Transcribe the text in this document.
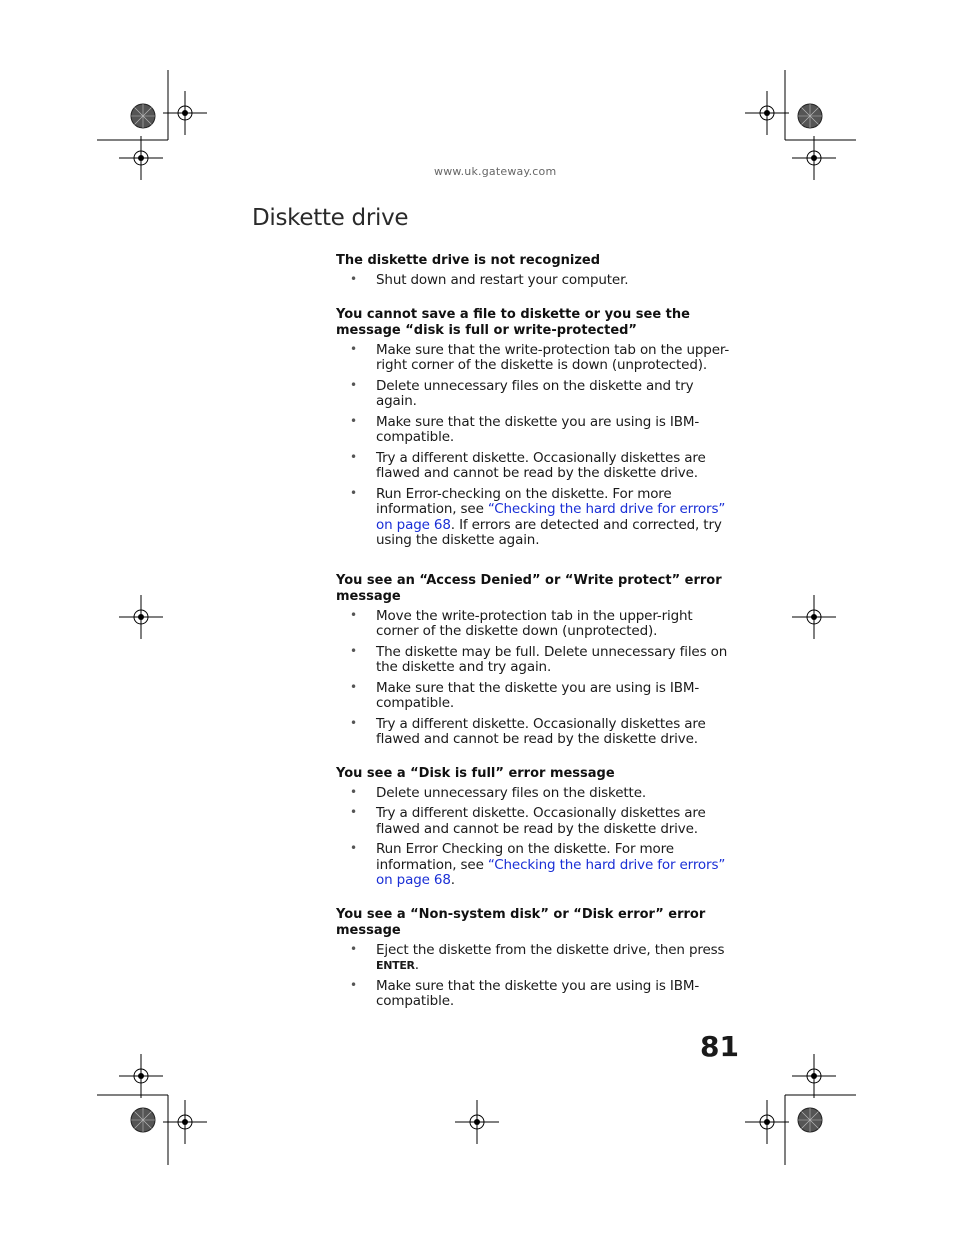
www.uk.gateway.com
Diskette drive

The diskette drive is not recognized

• Shut down and restart your computer.

You cannot save a file to diskette or you see the message “disk is full or write-protected”

• Make sure that the write-protection tab on the upper-right corner of the diskette is down (unprotected).
• Delete unnecessary files on the diskette and try again.
• Make sure that the diskette you are using is IBM-compatible.
• Try a different diskette. Occasionally diskettes are flawed and cannot be read by the diskette drive.
• Run Error-checking on the diskette. For more information, see “Checking the hard drive for errors” on page 68. If errors are detected and corrected, try using the diskette again.

You see an “Access Denied” or “Write protect” error message

• Move the write-protection tab in the upper-right corner of the diskette down (unprotected).
• The diskette may be full. Delete unnecessary files on the diskette and try again.
• Make sure that the diskette you are using is IBM-compatible.
• Try a different diskette. Occasionally diskettes are flawed and cannot be read by the diskette drive.

You see a “Disk is full” error message

• Delete unnecessary files on the diskette.
• Try a different diskette. Occasionally diskettes are flawed and cannot be read by the diskette drive.
• Run Error Checking on the diskette. For more information, see “Checking the hard drive for errors” on page 68.

You see a “Non-system disk” or “Disk error” error message

• Eject the diskette from the diskette drive, then press ENTER.
• Make sure that the diskette you are using is IBM-compatible.
81
